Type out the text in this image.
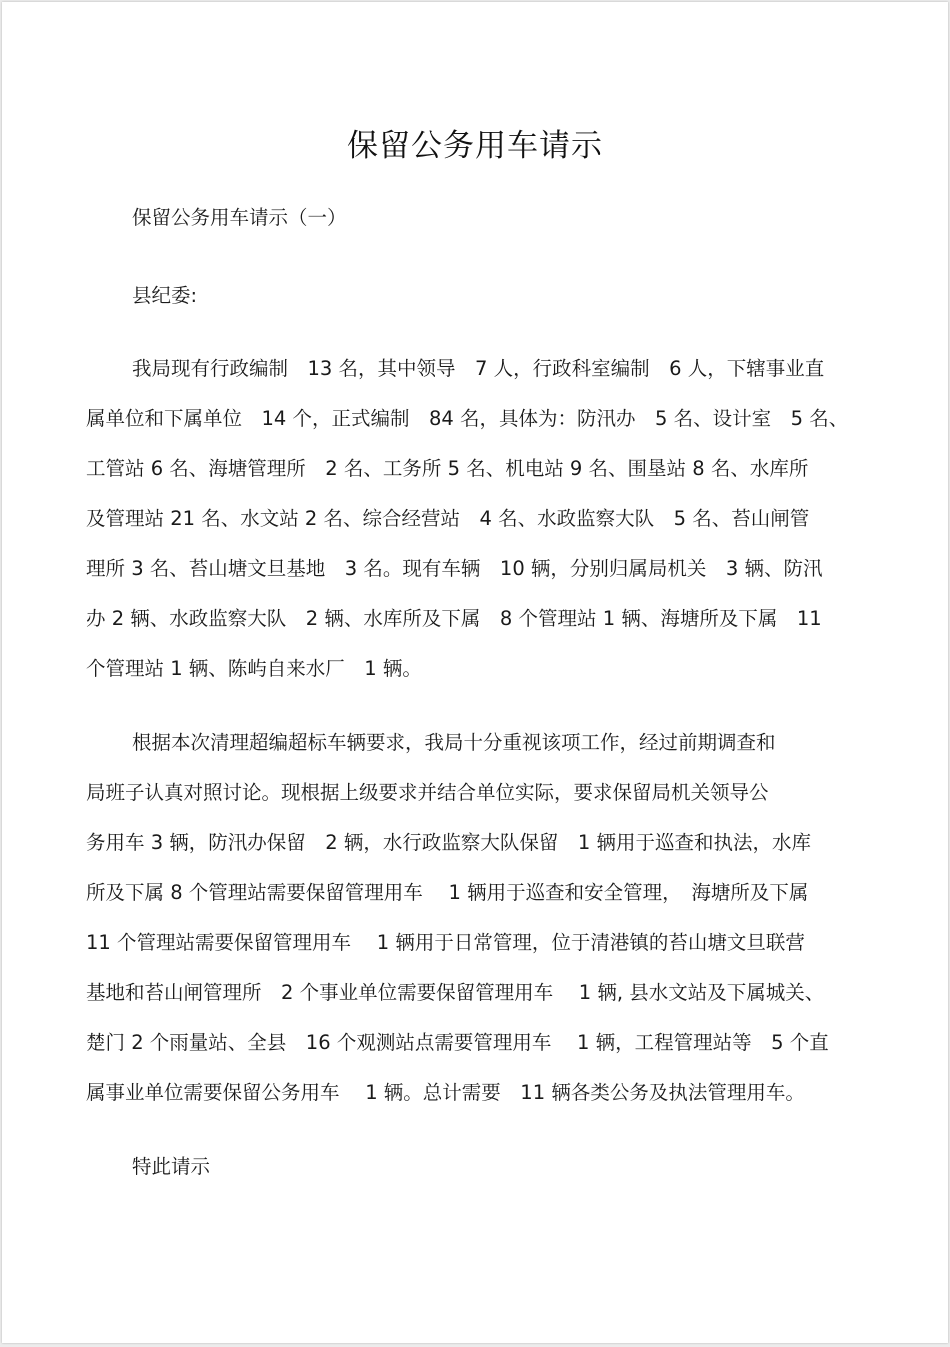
保留公务用车请示
保留公务用车请示（一）
县纪委:
我局现有行政编制　13 名，其中领导　7 人，行政科室编制　6 人，下辖事业直
属单位和下属单位　14 个，正式编制　84 名，具体为：防汛办　5 名、设计室　5 名、
工管站 6 名、海塘管理所　2 名、工务所 5 名、机电站 9 名、围垦站 8 名、水库所
及管理站 21 名、水文站 2 名、综合经营站　4 名、水政监察大队　5 名、苔山闸管
理所 3 名、苔山塘文旦基地　3 名。现有车辆　10 辆，分别归属局机关　3 辆、防汛
办 2 辆、水政监察大队　2 辆、水库所及下属　8 个管理站 1 辆、海塘所及下属　11
个管理站 1 辆、陈屿自来水厂　1 辆。
根据本次清理超编超标车辆要求，我局十分重视该项工作，经过前期调查和
局班子认真对照讨论。现根据上级要求并结合单位实际，要求保留局机关领导公
务用车 3 辆，防汛办保留　2 辆，水行政监察大队保留　1 辆用于巡查和执法，水库
所及下属 8 个管理站需要保留管理用车　 1 辆用于巡查和安全管理，　海塘所及下属
11 个管理站需要保留管理用车　 1 辆用于日常管理，位于清港镇的苔山塘文旦联营
基地和苔山闸管理所　2 个事业单位需要保留管理用车　 1 辆, 县水文站及下属城关、
楚门 2 个雨量站、全县　16 个观测站点需要管理用车　 1 辆，工程管理站等　5 个直
属事业单位需要保留公务用车　 1 辆。总计需要　11 辆各类公务及执法管理用车。
特此请示
